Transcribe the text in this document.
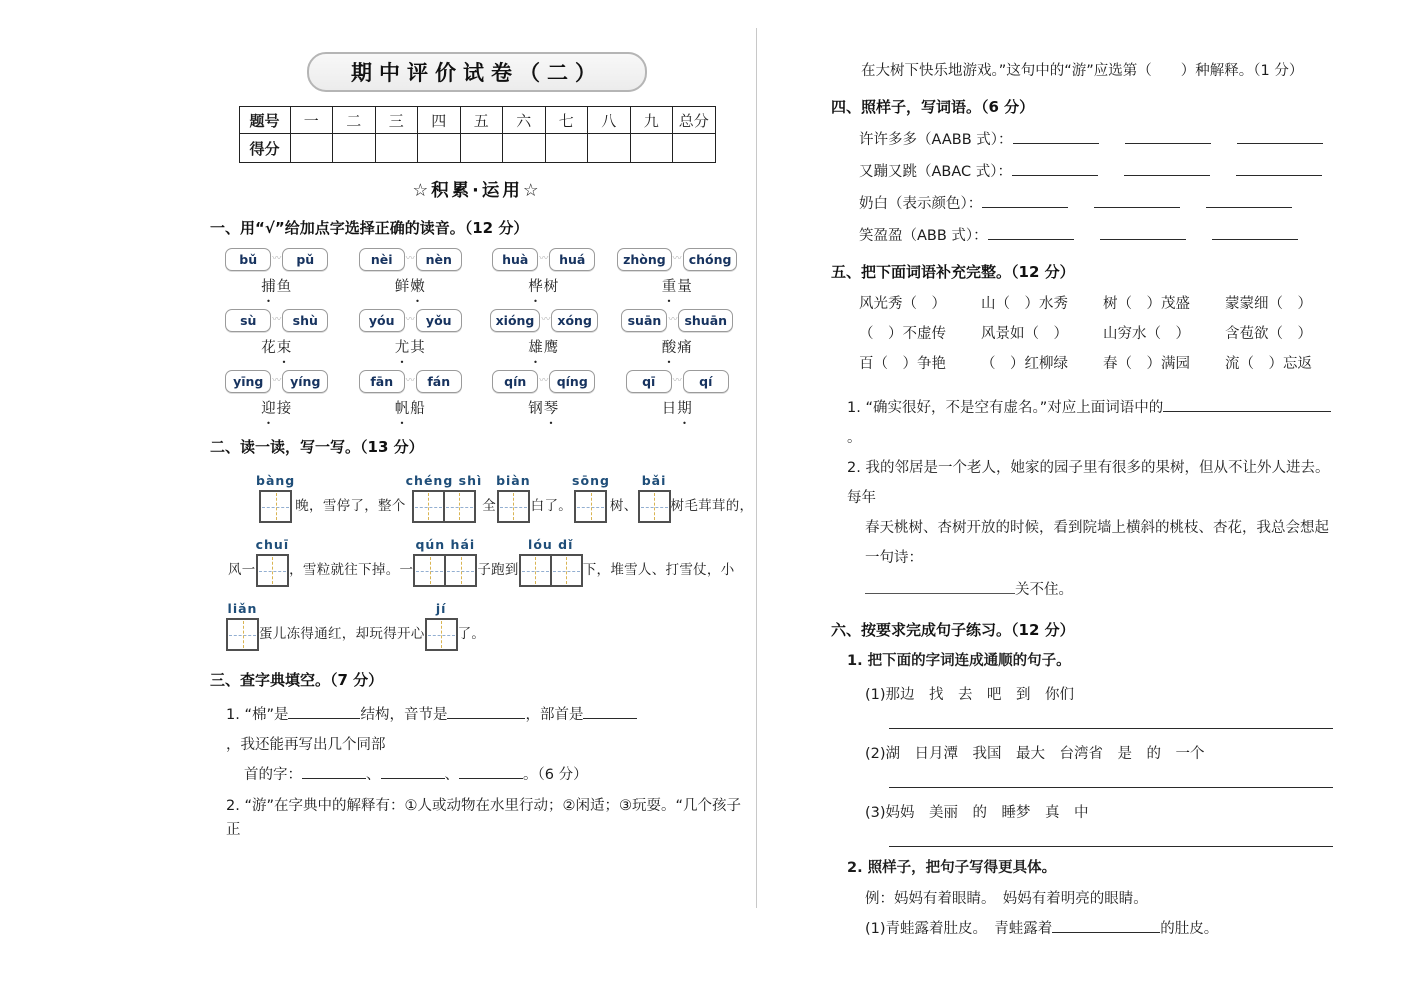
期中评价试卷（二）
题号	一	二	三	四	五	六	七	八	九	总分
得分										
☆积累·运用☆
一、用“√”给加点字选择正确的读音。（12 分）
bǔ	〰	pǔ
捕鱼
nèi	〰 nèn
鲜嫩
huà	〰 huá
桦树
zhòng 〰 chóng
重量
sù	〰 shù
花束
yóu	〰 yǒu
尤其
xióng 〰 xóng
雄鹰
suān 〰 shuān
酸痛
yīng 〰 yíng
迎接
fān	〰	fán
帆船
qín	〰 qíng
钢琴
qī	〰	qí
日期
二、读一读，写一写。（13 分）
bàng
晚，雪停了，整个
chéng shì
全
biàn
白了。
sōng
树、
bǎi
树毛茸茸的，
风一
chuī
，雪粒就往下掉。一
qún hái
子跑到
lóu dǐ
下，堆雪人、打雪仗，小
liǎn
蛋儿冻得通红，却玩得开心
jí
了。
三、查字典填空。（7 分）
1. “棉”是	结构，音节是	，部首是，我还能再写出几个同部
首的字：	、	、	。（6 分）
2. “游”在字典中的解释有：①人或动物在水里行动；②闲适；③玩耍。“几个孩子正
在大树下快乐地游戏。”这句中的“游”应选第（　　）种解释。（1 分）
四、照样子，写词语。（6 分）
许许多多（AABB 式）：
又蹦又跳（ABAC 式）：
奶白（表示颜色）：
笑盈盈（ABB 式）：
五、把下面词语补充完整。（12 分）
风光秀（　）	山（　）水秀	树（　）茂盛	蒙蒙细（　）
（　）不虚传	风景如（　）	山穷水（　）	含苞欲（　）
百（　）争艳	（　）红柳绿	春（　）满园	流（　）忘返
1. “确实很好，不是空有虚名。”对应上面词语中的。
2. 我的邻居是一个老人，她家的园子里有很多的果树，但从不让外人进去。每年
春天桃树、杏树开放的时候，看到院墙上横斜的桃枝、杏花，我总会想起一句诗：
关不住。
六、按要求完成句子练习。（12 分）
1. 把下面的字词连成通顺的句子。
(1)那边　找　去　吧　到　你们
(2)湖　日月潭　我国　最大　台湾省　是　的　一个
(3)妈妈　美丽　的　睡梦　真　中
2. 照样子，把句子写得更具体。
例：妈妈有着眼睛。　妈妈有着明亮的眼睛。
(1)青蛙露着肚皮。　青蛙露着	的肚皮。
